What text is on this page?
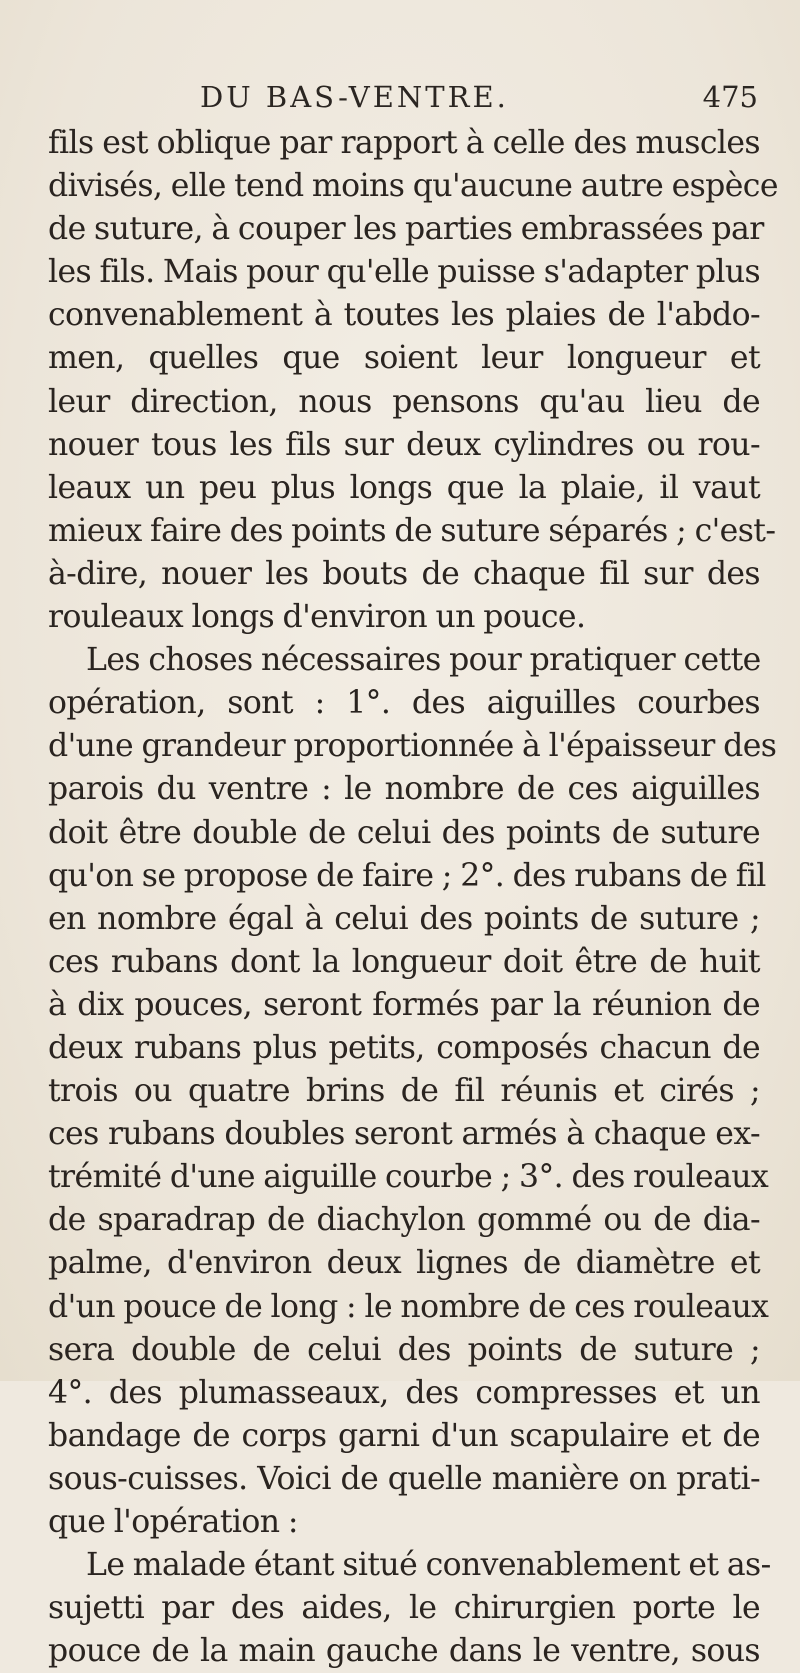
DU BAS-VENTRE.	475
fils est oblique par rapport à celle des muscles
divisés, elle tend moins qu'aucune autre espèce
de suture, à couper les parties embrassées par
les fils. Mais pour qu'elle puisse s'adapter plus
convenablement à toutes les plaies de l'abdo-
men, quelles que soient leur longueur et
leur direction, nous pensons qu'au lieu de
nouer tous les fils sur deux cylindres ou rou-
leaux un peu plus longs que la plaie, il vaut
mieux faire des points de suture séparés ; c'est-
à-dire, nouer les bouts de chaque fil sur des
rouleaux longs d'environ un pouce.
Les choses nécessaires pour pratiquer cette
opération, sont : 1°. des aiguilles courbes
d'une grandeur proportionnée à l'épaisseur des
parois du ventre : le nombre de ces aiguilles
doit être double de celui des points de suture
qu'on se propose de faire ; 2°. des rubans de fil
en nombre égal à celui des points de suture ;
ces rubans dont la longueur doit être de huit
à dix pouces, seront formés par la réunion de
deux rubans plus petits, composés chacun de
trois ou quatre brins de fil réunis et cirés ;
ces rubans doubles seront armés à chaque ex-
trémité d'une aiguille courbe ; 3°. des rouleaux
de sparadrap de diachylon gommé ou de dia-
palme, d'environ deux lignes de diamètre et
d'un pouce de long : le nombre de ces rouleaux
sera double de celui des points de suture ;
4°. des plumasseaux, des compresses et un
bandage de corps garni d'un scapulaire et de
sous-cuisses. Voici de quelle manière on prati-
que l'opération :
Le malade étant situé convenablement et as-
sujetti par des aides, le chirurgien porte le
pouce de la main gauche dans le ventre, sous
